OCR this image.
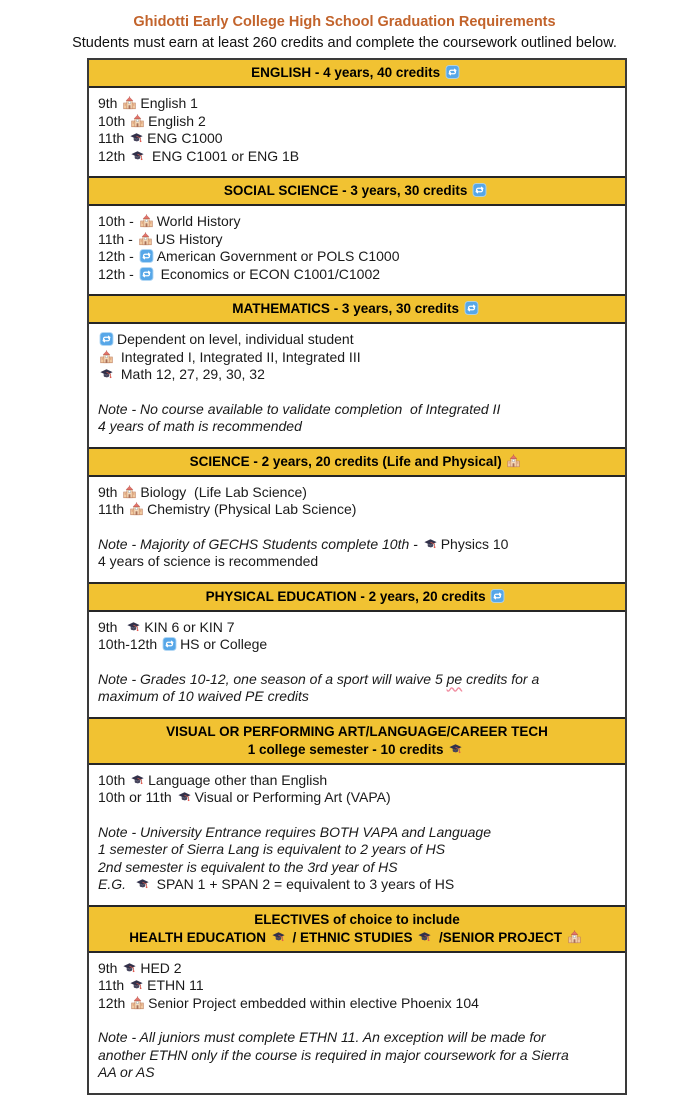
Ghidotti Early College High School Graduation Requirements
Students must earn at least 260 credits and complete the coursework outlined below.
ENGLISH - 4 years, 40 credits
9th
English 1
10th
English 2
11th
ENG C1000
12th
ENG C1001 or ENG 1B
SOCIAL SCIENCE - 3 years, 30 credits
10th -
World History
11th -
US History
12th -
American Government or POLS C1000
12th -
Economics or ECON C1001/C1002
MATHEMATICS - 3 years, 30 credits
Dependent on level, individual student
Integrated I, Integrated II, Integrated III
Math 12, 27, 29, 30, 32
Note - No course available to validate completion  of Integrated II
4 years of math is recommended
SCIENCE - 2 years, 20 credits (Life and Physical)
9th
Biology  (Life Lab Science)
11th
Chemistry (Physical Lab Science)
Note - Majority of GECHS Students complete 10th -
Physics 10
4 years of science is recommended
PHYSICAL EDUCATION - 2 years, 20 credits
9th
KIN 6 or KIN 7
10th-12th
HS or College
Note - Grades 10-12, one season of a sport will waive 5 pe credits for a
maximum of 10 waived PE credits
VISUAL OR PERFORMING ART/LANGUAGE/CAREER TECH
1 college semester - 10 credits
10th
Language other than English
10th or 11th
Visual or Performing Art (VAPA)
Note - University Entrance requires BOTH VAPA and Language
1 semester of Sierra Lang is equivalent to 2 years of HS
2nd semester is equivalent to the 3rd year of HS
E.G.
SPAN 1 + SPAN 2 = equivalent to 3 years of HS
ELECTIVES of choice to include
HEALTH EDUCATION
/ ETHNIC STUDIES
/SENIOR PROJECT
9th
HED 2
11th
ETHN 11
12th
Senior Project embedded within elective Phoenix 104
Note - All juniors must complete ETHN 11. An exception will be made for
another ETHN only if the course is required in major coursework for a Sierra
AA or AS
